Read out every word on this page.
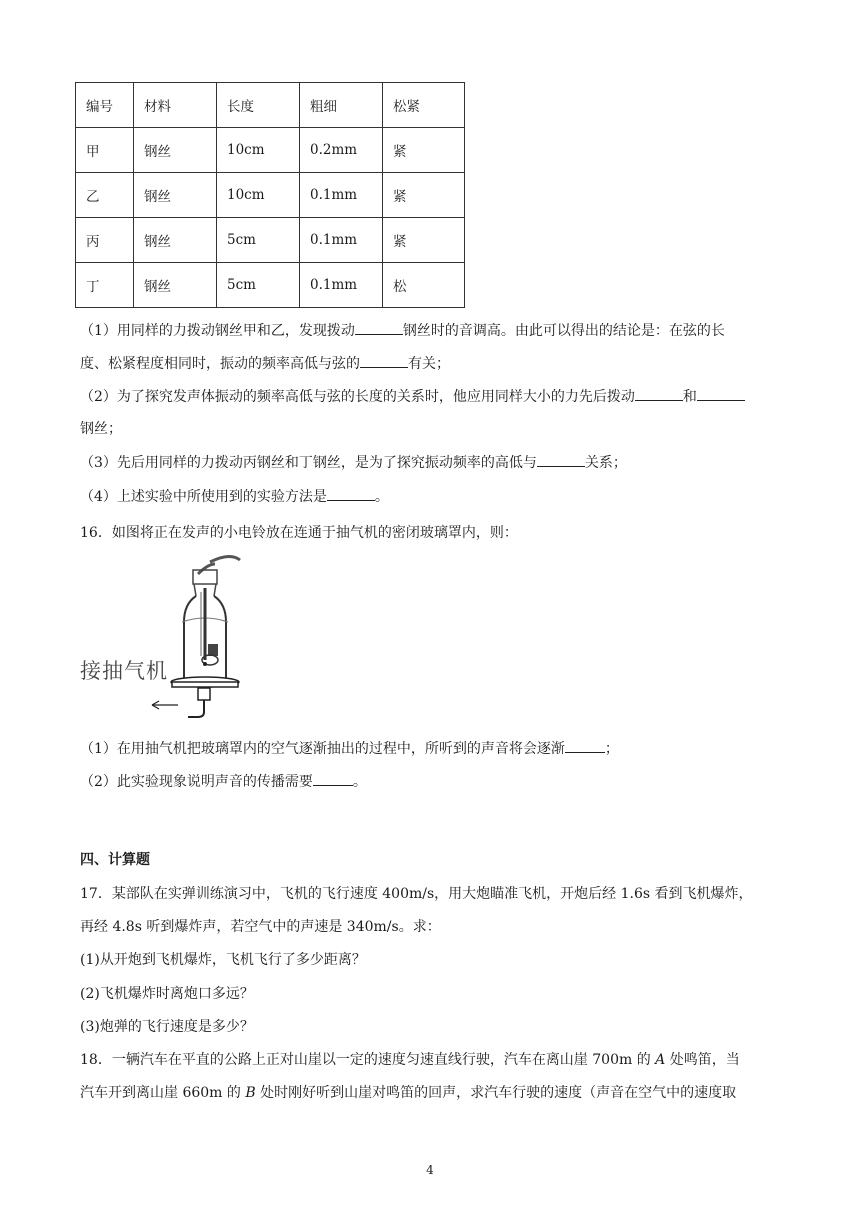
编号	材料	长度	粗细	松紧
甲	钢丝	10cm	0.2mm	紧
乙	钢丝	10cm	0.1mm	紧
丙	钢丝	5cm	0.1mm	紧
丁	钢丝	5cm	0.1mm	松
（1）用同样的力拨动钢丝甲和乙，发现拨动	钢丝时的音调高。由此可以得出的结论是：在弦的长
度、松紧程度相同时，振动的频率高低与弦的	有关；
（2）为了探究发声体振动的频率高低与弦的长度的关系时，他应用同样大小的力先后拨动	和
钢丝；
（3）先后用同样的力拨动丙钢丝和丁钢丝，是为了探究振动频率的高低与	关系；
（4）上述实验中所使用到的实验方法是	。
16．如图将正在发声的小电铃放在连通于抽气机的密闭玻璃罩内，则：
接抽气机
（1）在用抽气机把玻璃罩内的空气逐渐抽出的过程中，所听到的声音将会逐渐	；
（2）此实验现象说明声音的传播需要	。
四、计算题
17．某部队在实弹训练演习中，飞机的飞行速度 400m/s，用大炮瞄准飞机，开炮后经 1.6s 看到飞机爆炸，
再经 4.8s 听到爆炸声，若空气中的声速是 340m/s。求：
(1)从开炮到飞机爆炸，飞机飞行了多少距离？
(2)飞机爆炸时离炮口多远？
(3)炮弹的飞行速度是多少？
18．一辆汽车在平直的公路上正对山崖以一定的速度匀速直线行驶，汽车在离山崖 700m 的 A 处鸣笛，当
汽车开到离山崖 660m 的 B 处时刚好听到山崖对鸣笛的回声，求汽车行驶的速度（声音在空气中的速度取
4
